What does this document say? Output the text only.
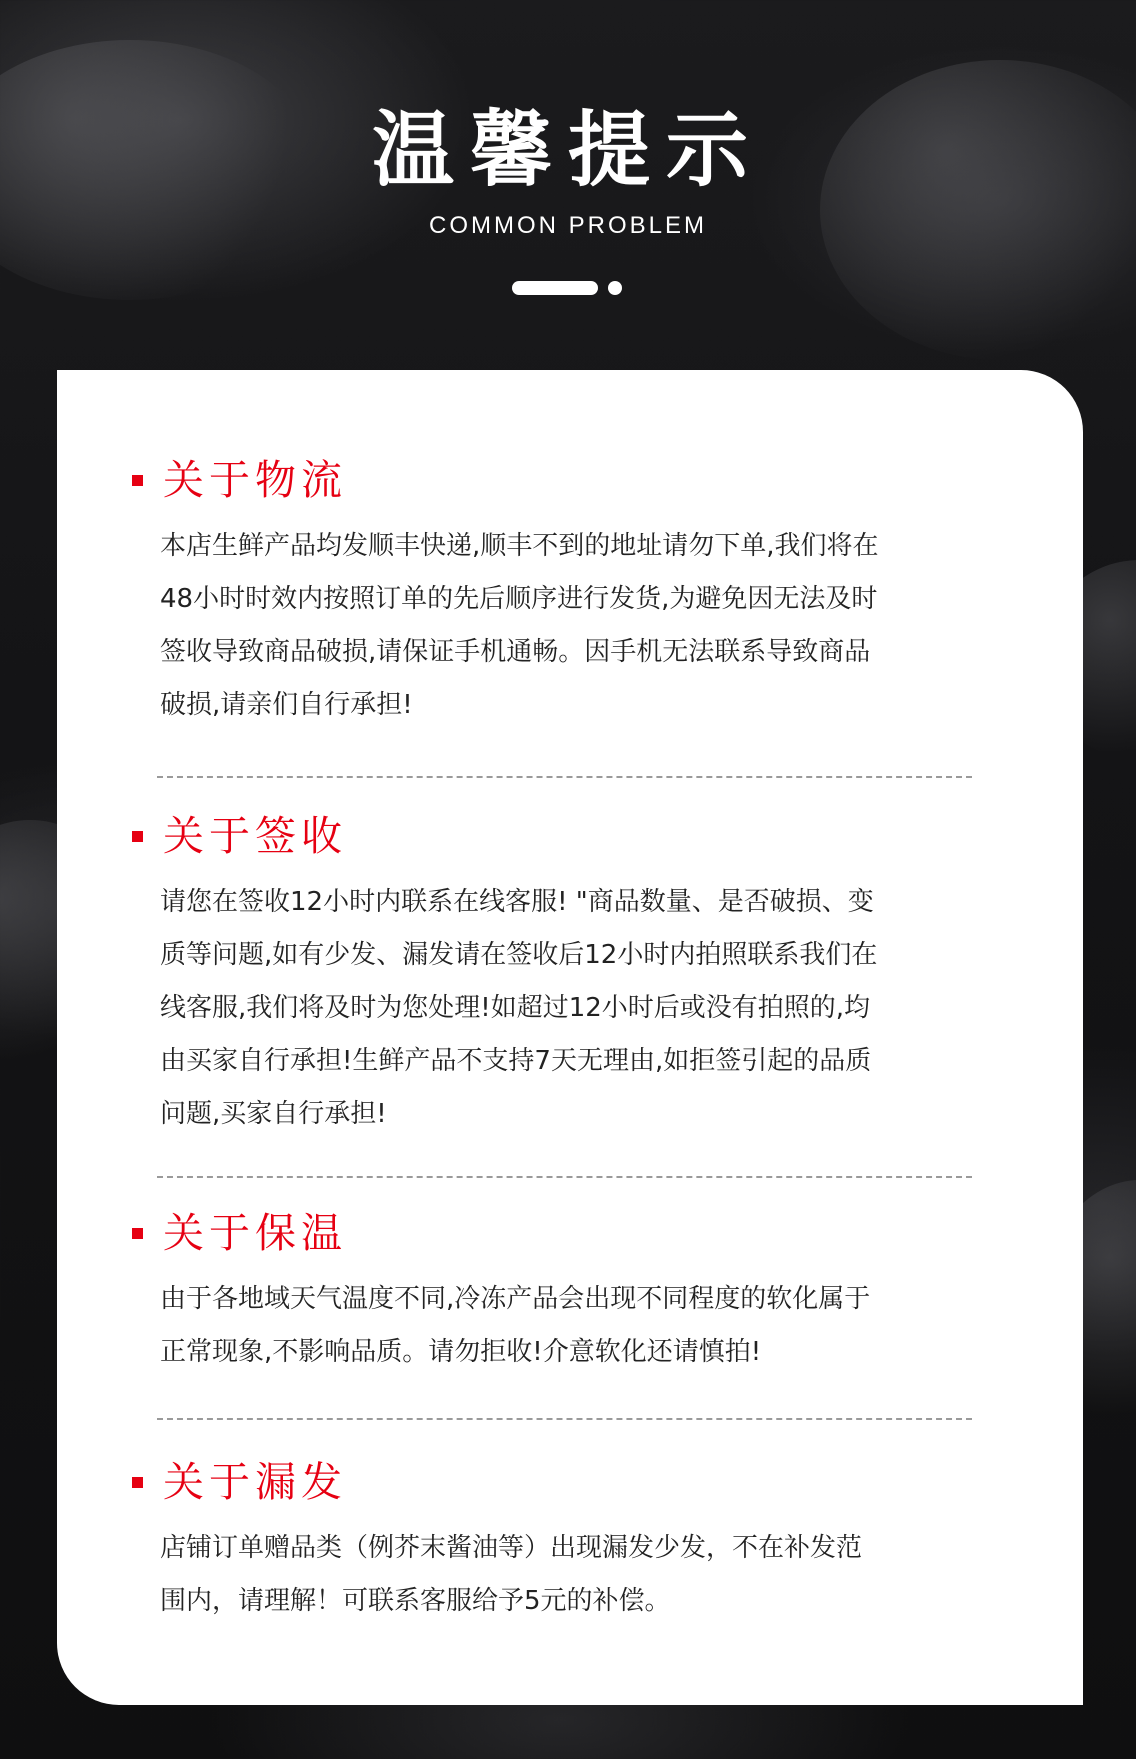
温馨提示
COMMON PROBLEM
关于物流
本店生鲜产品均发顺丰快递,顺丰不到的地址请勿下单,我们将在
48小时时效内按照订单的先后顺序进行发货,为避免因无法及时
签收导致商品破损,请保证手机通畅。因手机无法联系导致商品
破损,请亲们自行承担!
关于签收
请您在签收12小时内联系在线客服! "商品数量、是否破损、变
质等问题,如有少发、漏发请在签收后12小时内拍照联系我们在
线客服,我们将及时为您处理!如超过12小时后或没有拍照的,均
由买家自行承担!生鲜产品不支持7天无理由,如拒签引起的品质
问题,买家自行承担!
关于保温
由于各地域天气温度不同,冷冻产品会出现不同程度的软化属于
正常现象,不影响品质。请勿拒收!介意软化还请慎拍!
关于漏发
店铺订单赠品类（例芥末酱油等）出现漏发少发，不在补发范
围内，请理解！可联系客服给予5元的补偿。
